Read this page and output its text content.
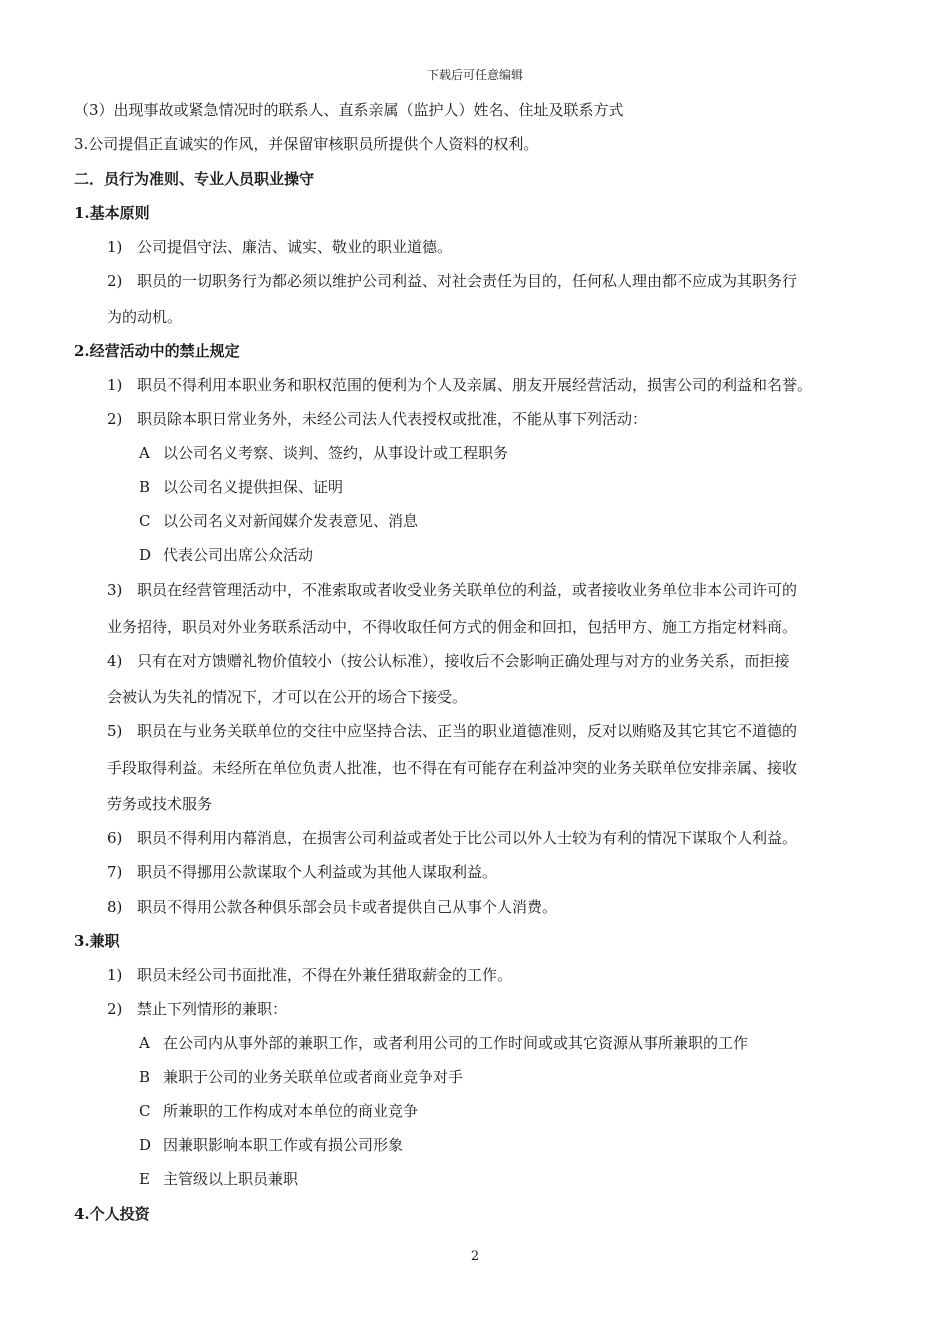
下载后可任意编辑
（3）出现事故或紧急情况时的联系人、直系亲属（监护人）姓名、住址及联系方式
3.公司提倡正直诚实的作风，并保留审核职员所提供个人资料的权利。
二．员行为准则、专业人员职业操守
1.基本原则
1) 公司提倡守法、廉洁、诚实、敬业的职业道德。
2) 职员的一切职务行为都必须以维护公司利益、对社会责任为目的，任何私人理由都不应成为其职务行
为的动机。
2.经营活动中的禁止规定
1) 职员不得利用本职业务和职权范围的便利为个人及亲属、朋友开展经营活动，损害公司的利益和名誉。
2) 职员除本职日常业务外，未经公司法人代表授权或批准，不能从事下列活动：
A 以公司名义考察、谈判、签约，从事设计或工程职务
B 以公司名义提供担保、证明
C 以公司名义对新闻媒介发表意见、消息
D 代表公司出席公众活动
3) 职员在经营管理活动中，不准索取或者收受业务关联单位的利益，或者接收业务单位非本公司许可的
业务招待，职员对外业务联系活动中，不得收取任何方式的佣金和回扣，包括甲方、施工方指定材料商。
4) 只有在对方馈赠礼物价值较小（按公认标准），接收后不会影响正确处理与对方的业务关系，而拒接
会被认为失礼的情况下，才可以在公开的场合下接受。
5) 职员在与业务关联单位的交往中应坚持合法、正当的职业道德准则，反对以贿赂及其它其它不道德的
手段取得利益。未经所在单位负责人批准，也不得在有可能存在利益冲突的业务关联单位安排亲属、接收
劳务或技术服务
6) 职员不得利用内幕消息，在损害公司利益或者处于比公司以外人士较为有利的情况下谋取个人利益。
7) 职员不得挪用公款谋取个人利益或为其他人谋取利益。
8) 职员不得用公款各种俱乐部会员卡或者提供自己从事个人消费。
3.兼职
1) 职员未经公司书面批准，不得在外兼任猎取薪金的工作。
2) 禁止下列情形的兼职：
A 在公司内从事外部的兼职工作，或者利用公司的工作时间或或其它资源从事所兼职的工作
B 兼职于公司的业务关联单位或者商业竞争对手
C 所兼职的工作构成对本单位的商业竞争
D 因兼职影响本职工作或有损公司形象
E 主管级以上职员兼职
4.个人投资
2
